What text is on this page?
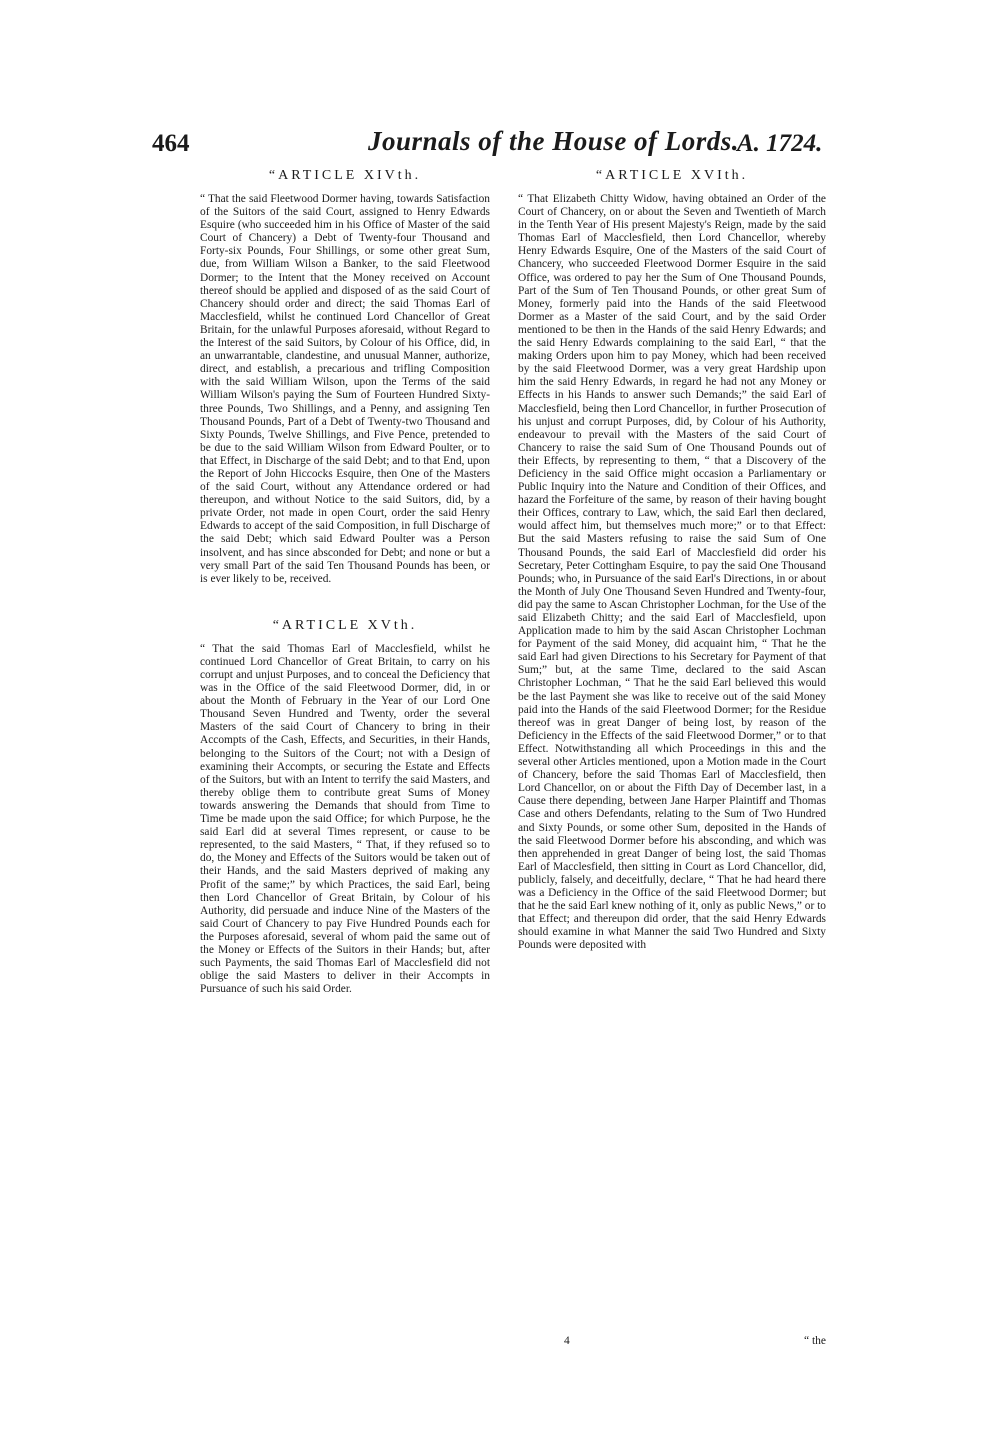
464	Journals of the House of Lords.
A. 1724.
“ARTICLE XIVth.

“ That the said Fleetwood Dormer having, towards Satisfaction of the Suitors of the said Court, assigned to Henry Edwards Esquire (who succeeded him in his Office of Master of the said Court of Chancery) a Debt of Twenty-four Thousand and Forty-six Pounds, Four Shillings, or some other great Sum, due, from William Wilson a Banker, to the said Fleetwood Dormer; to the Intent that the Money received on Account thereof should be applied and disposed of as the said Court of Chancery should order and direct; the said Thomas Earl of Macclesfield, whilst he continued Lord Chancellor of Great Britain, for the unlawful Purposes aforesaid, without Regard to the Interest of the said Suitors, by Colour of his Office, did, in an unwarrantable, clandestine, and unusual Manner, authorize, direct, and establish, a precarious and trifling Composition with the said William Wilson, upon the Terms of the said William Wilson's paying the Sum of Fourteen Hundred Sixty-three Pounds, Two Shillings, and a Penny, and assigning Ten Thousand Pounds, Part of a Debt of Twenty-two Thousand and Sixty Pounds, Twelve Shillings, and Five Pence, pretended to be due to the said William Wilson from Edward Poulter, or to that Effect, in Discharge of the said Debt; and to that End, upon the Report of John Hiccocks Esquire, then One of the Masters of the said Court, without any Attendance ordered or had thereupon, and without Notice to the said Suitors, did, by a private Order, not made in open Court, order the said Henry Edwards to accept of the said Composition, in full Discharge of the said Debt; which said Edward Poulter was a Person insolvent, and has since absconded for Debt; and none or but a very small Part of the said Ten Thousand Pounds has been, or is ever likely to be, received.

“ARTICLE XVth.

“ That the said Thomas Earl of Macclesfield, whilst he continued Lord Chancellor of Great Britain, to carry on his corrupt and unjust Purposes, and to conceal the Deficiency that was in the Office of the said Fleetwood Dormer, did, in or about the Month of February in the Year of our Lord One Thousand Seven Hundred and Twenty, order the several Masters of the said Court of Chancery to bring in their Accompts of the Cash, Effects, and Securities, in their Hands, belonging to the Suitors of the Court; not with a Design of examining their Accompts, or securing the Estate and Effects of the Suitors, but with an Intent to terrify the said Masters, and thereby oblige them to contribute great Sums of Money towards answering the Demands that should from Time to Time be made upon the said Office; for which Purpose, he the said Earl did at several Times represent, or cause to be represented, to the said Masters, “ That, if they refused so to do, the Money and Effects of the Suitors would be taken out of their Hands, and the said Masters deprived of making any Profit of the same;” by which Practices, the said Earl, being then Lord Chancellor of Great Britain, by Colour of his Authority, did persuade and induce Nine of the Masters of the said Court of Chancery to pay Five Hundred Pounds each for the Purposes aforesaid, several of whom paid the same out of the Money or Effects of the Suitors in their Hands; but, after such Payments, the said Thomas Earl of Macclesfield did not oblige the said Masters to deliver in their Accompts in Pursuance of such his said Order.

“ARTICLE XVIth.

“ That Elizabeth Chitty Widow, having obtained an Order of the Court of Chancery, on or about the Seven and Twentieth of March in the Tenth Year of His present Majesty's Reign, made by the said Thomas Earl of Macclesfield, then Lord Chancellor, whereby Henry Edwards Esquire, One of the Masters of the said Court of Chancery, who succeeded Fleetwood Dormer Esquire in the said Office, was ordered to pay her the Sum of One Thousand Pounds, Part of the Sum of Ten Thousand Pounds, or other great Sum of Money, formerly paid into the Hands of the said Fleetwood Dormer as a Master of the said Court, and by the said Order mentioned to be then in the Hands of the said Henry Edwards; and the said Henry Edwards complaining to the said Earl, “ that the making Orders upon him to pay Money, which had been received by the said Fleetwood Dormer, was a very great Hardship upon him the said Henry Edwards, in regard he had not any Money or Effects in his Hands to answer such Demands;” the said Earl of Macclesfield, being then Lord Chancellor, in further Prosecution of his unjust and corrupt Purposes, did, by Colour of his Authority, endeavour to prevail with the Masters of the said Court of Chancery to raise the said Sum of One Thousand Pounds out of their Effects, by representing to them, “ that a Discovery of the Deficiency in the said Office might occasion a Parliamentary or Public Inquiry into the Nature and Condition of their Offices, and hazard the Forfeiture of the same, by reason of their having bought their Offices, contrary to Law, which, the said Earl then declared, would affect him, but themselves much more;” or to that Effect: But the said Masters refusing to raise the said Sum of One Thousand Pounds, the said Earl of Macclesfield did order his Secretary, Peter Cottingham Esquire, to pay the said One Thousand Pounds; who, in Pursuance of the said Earl's Directions, in or about the Month of July One Thousand Seven Hundred and Twenty-four, did pay the same to Ascan Christopher Lochman, for the Use of the said Elizabeth Chitty; and the said Earl of Macclesfield, upon Application made to him by the said Ascan Christopher Lochman for Payment of the said Money, did acquaint him, “ That he the said Earl had given Directions to his Secretary for Payment of that Sum;” but, at the same Time, declared to the said Ascan Christopher Lochman, “ That he the said Earl believed this would be the last Payment she was like to receive out of the said Money paid into the Hands of the said Fleetwood Dormer; for the Residue thereof was in great Danger of being lost, by reason of the Deficiency in the Effects of the said Fleetwood Dormer,” or to that Effect. Notwithstanding all which Proceedings in this and the several other Articles mentioned, upon a Motion made in the Court of Chancery, before the said Thomas Earl of Macclesfield, then Lord Chancellor, on or about the Fifth Day of December last, in a Cause there depending, between Jane Harper Plaintiff and Thomas Case and others Defendants, relating to the Sum of Two Hundred and Sixty Pounds, or some other Sum, deposited in the Hands of the said Fleetwood Dormer before his absconding, and which was then apprehended in great Danger of being lost, the said Thomas Earl of Macclesfield, then sitting in Court as Lord Chancellor, did, publicly, falsely, and deceitfully, declare, “ That he had heard there was a Deficiency in the Office of the said Fleetwood Dormer; but that he the said Earl knew nothing of it, only as public News,” or to that Effect; and thereupon did order, that the said Henry Edwards should examine in what Manner the said Two Hundred and Sixty Pounds were deposited with

4	“ the
